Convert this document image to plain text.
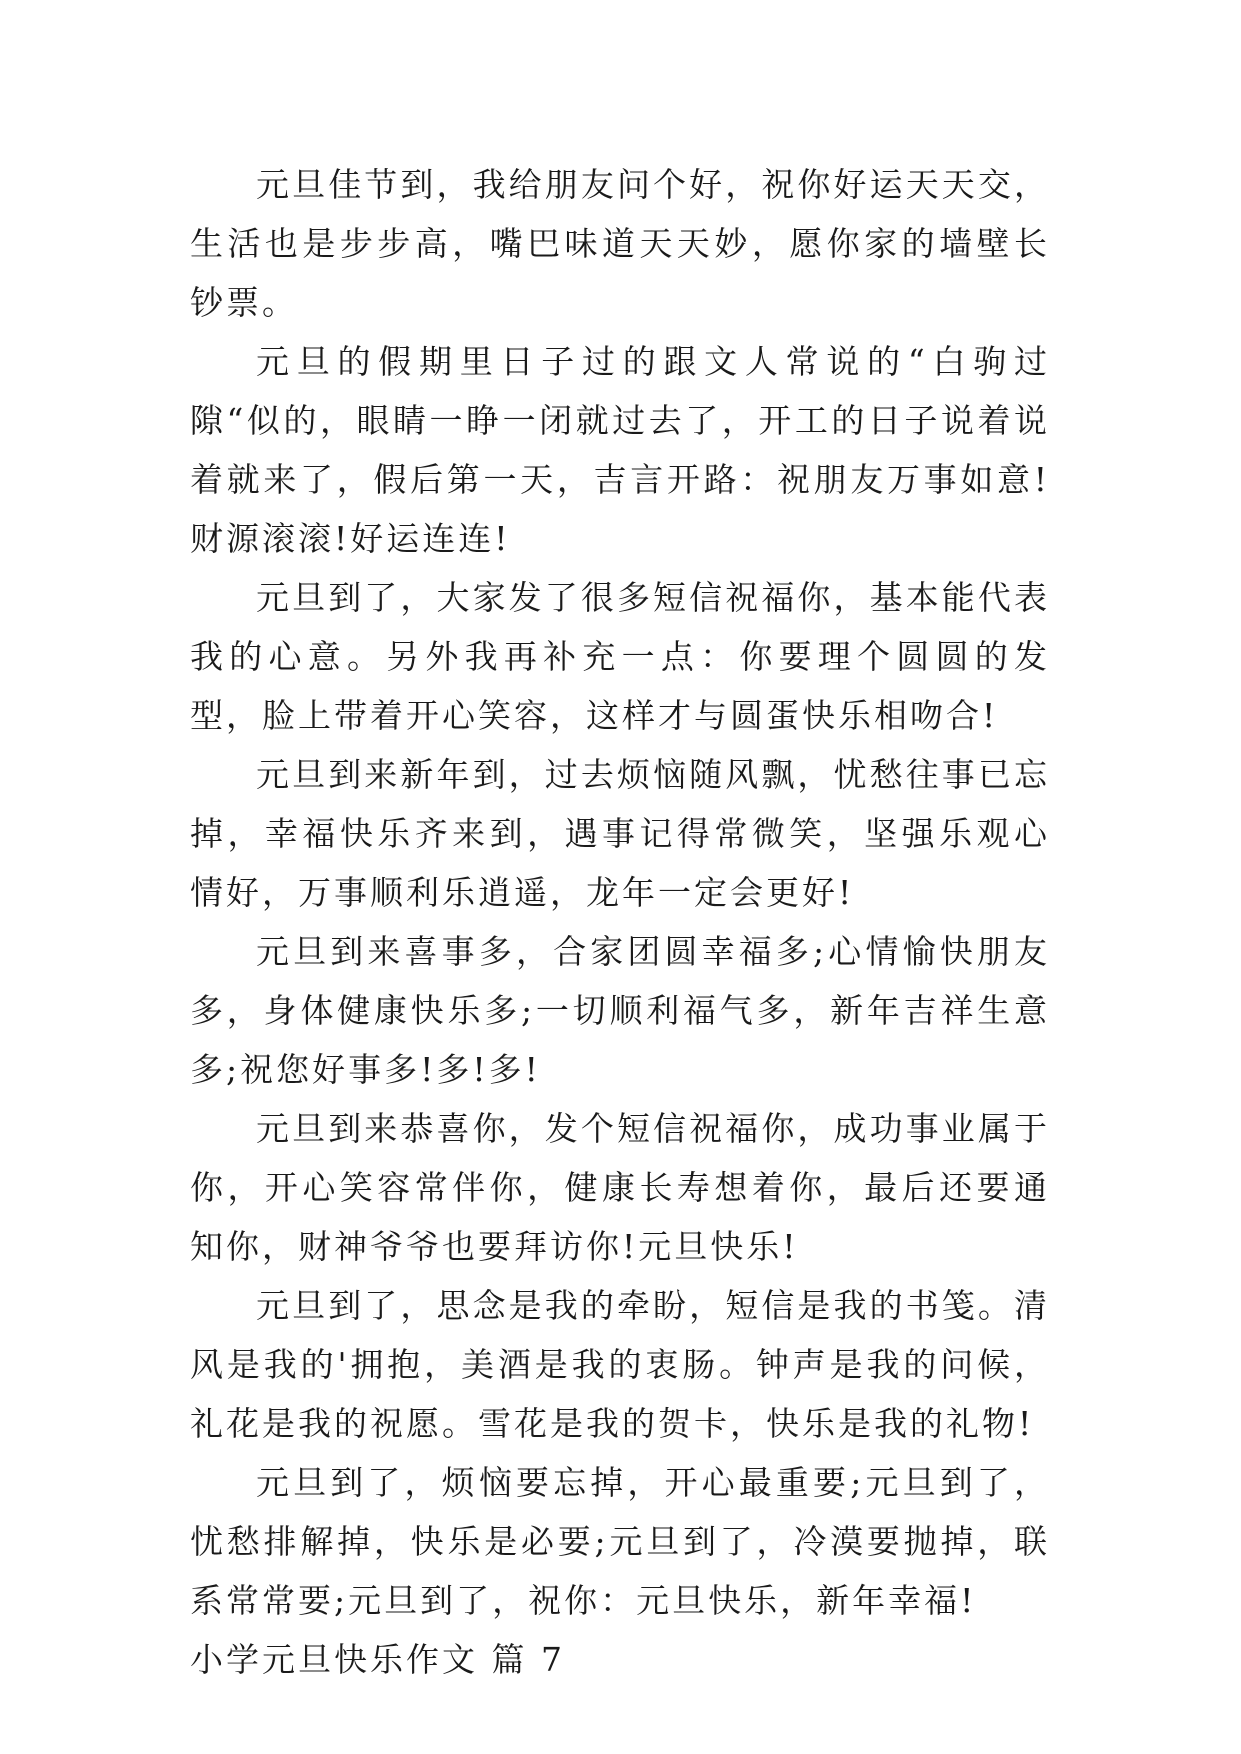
元旦佳节到，我给朋友问个好，祝你好运天天交，生活也是步步高，嘴巴味道天天妙，愿你家的墙壁长钞票。

元旦的假期里日子过的跟文人常说的“白驹过隙“似的，眼睛一睁一闭就过去了，开工的日子说着说着就来了，假后第一天，吉言开路：祝朋友万事如意!财源滚滚!好运连连!

元旦到了，大家发了很多短信祝福你，基本能代表我的心意。另外我再补充一点：你要理个圆圆的发型，脸上带着开心笑容，这样才与圆蛋快乐相吻合!

元旦到来新年到，过去烦恼随风飘，忧愁往事已忘掉，幸福快乐齐来到，遇事记得常微笑，坚强乐观心情好，万事顺利乐逍遥，龙年一定会更好!

元旦到来喜事多，合家团圆幸福多;心情愉快朋友多，身体健康快乐多;一切顺利福气多，新年吉祥生意多;祝您好事多!多!多!

元旦到来恭喜你，发个短信祝福你，成功事业属于你，开心笑容常伴你，健康长寿想着你，最后还要通知你，财神爷爷也要拜访你!元旦快乐!

元旦到了，思念是我的牵盼，短信是我的书笺。清风是我的'拥抱，美酒是我的衷肠。钟声是我的问候，礼花是我的祝愿。雪花是我的贺卡，快乐是我的礼物!

元旦到了，烦恼要忘掉，开心最重要;元旦到了，忧愁排解掉，快乐是必要;元旦到了，冷漠要抛掉，联系常常要;元旦到了，祝你：元旦快乐，新年幸福!

小学元旦快乐作文 篇 7
